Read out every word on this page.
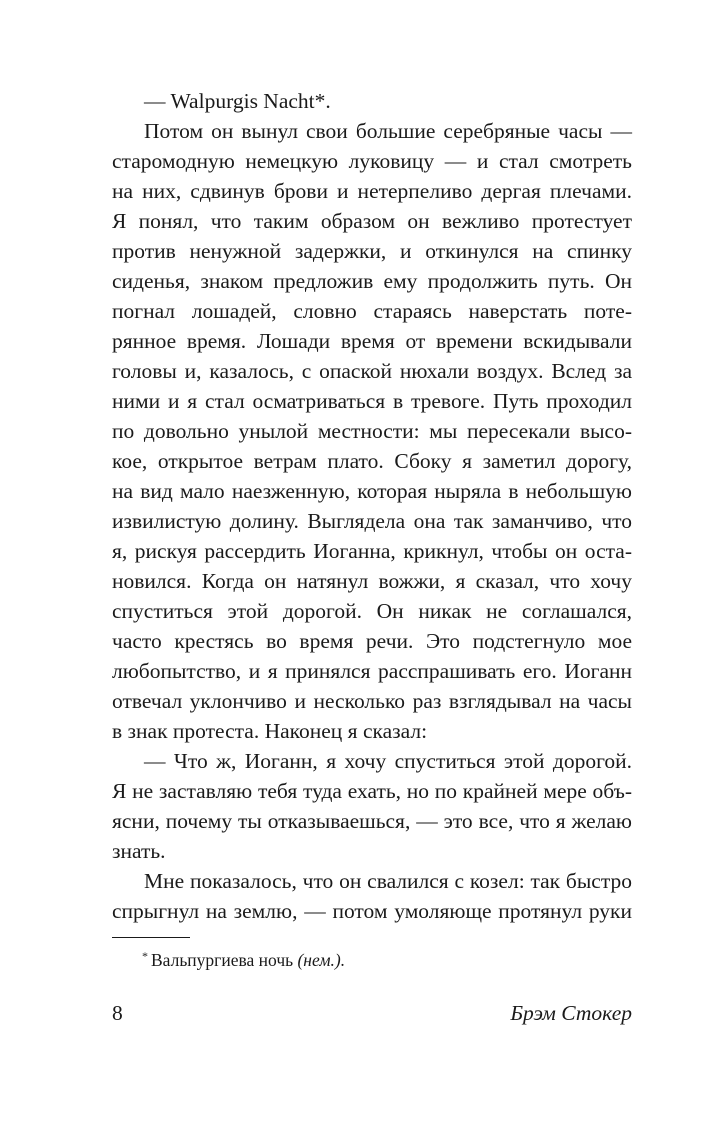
— Walpurgis Nacht*.
Потом он вынул свои большие серебряные часы —
старомодную немецкую луковицу — и стал смотреть
на них, сдвинув брови и нетерпеливо дергая плечами.
Я понял, что таким образом он вежливо протестует
против ненужной задержки, и откинулся на спинку
сиденья, знаком предложив ему продолжить путь. Он
погнал лошадей, словно стараясь наверстать поте-
рянное время. Лошади время от времени вскидывали
головы и, казалось, с опаской нюхали воздух. Вслед за
ними и я стал осматриваться в тревоге. Путь проходил
по довольно унылой местности: мы пересекали высо-
кое, открытое ветрам плато. Сбоку я заметил дорогу,
на вид мало наезженную, которая ныряла в небольшую
извилистую долину. Выглядела она так заманчиво, что
я, рискуя рассердить Иоганна, крикнул, чтобы он оста-
новился. Когда он натянул вожжи, я сказал, что хочу
спуститься этой дорогой. Он никак не соглашался,
часто крестясь во время речи. Это подстегнуло мое
любопытство, и я принялся расспрашивать его. Иоганн
отвечал уклончиво и несколько раз взглядывал на часы
в знак протеста. Наконец я сказал:
— Что ж, Иоганн, я хочу спуститься этой дорогой.
Я не заставляю тебя туда ехать, но по крайней мере объ-
ясни, почему ты отказываешься, — это все, что я желаю
знать.
Мне показалось, что он свалился с козел: так быстро
спрыгнул на землю, — потом умоляюще протянул руки
* Вальпургиева ночь (нем.).
8	Брэм Стокер
